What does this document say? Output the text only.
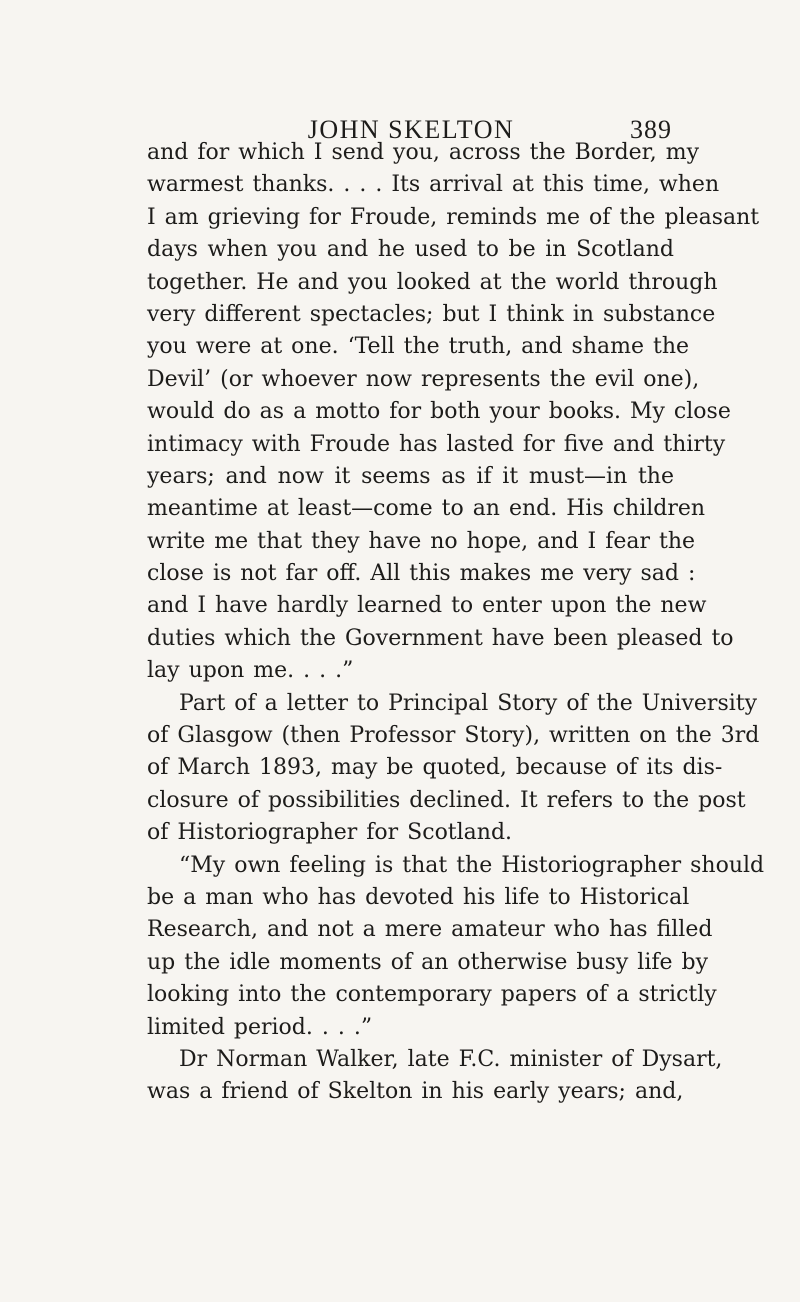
JOHN SKELTON	389
and for which I send you, across the Border, my
warmest thanks. . . . Its arrival at this time, when
I am grieving for Froude, reminds me of the pleasant
days when you and he used to be in Scotland
together. He and you looked at the world through
very different spectacles; but I think in substance
you were at one. ‘Tell the truth, and shame the
Devil’ (or whoever now represents the evil one),
would do as a motto for both your books. My close
intimacy with Froude has lasted for five and thirty
years; and now it seems as if it must—in the
meantime at least—come to an end. His children
write me that they have no hope, and I fear the
close is not far off. All this makes me very sad :
and I have hardly learned to enter upon the new
duties which the Government have been pleased to
lay upon me. . . .”
Part of a letter to Principal Story of the University
of Glasgow (then Professor Story), written on the 3rd
of March 1893, may be quoted, because of its dis-
closure of possibilities declined. It refers to the post
of Historiographer for Scotland.
“My own feeling is that the Historiographer should
be a man who has devoted his life to Historical
Research, and not a mere amateur who has filled
up the idle moments of an otherwise busy life by
looking into the contemporary papers of a strictly
limited period. . . .”
Dr Norman Walker, late F.C. minister of Dysart,
was a friend of Skelton in his early years; and,
